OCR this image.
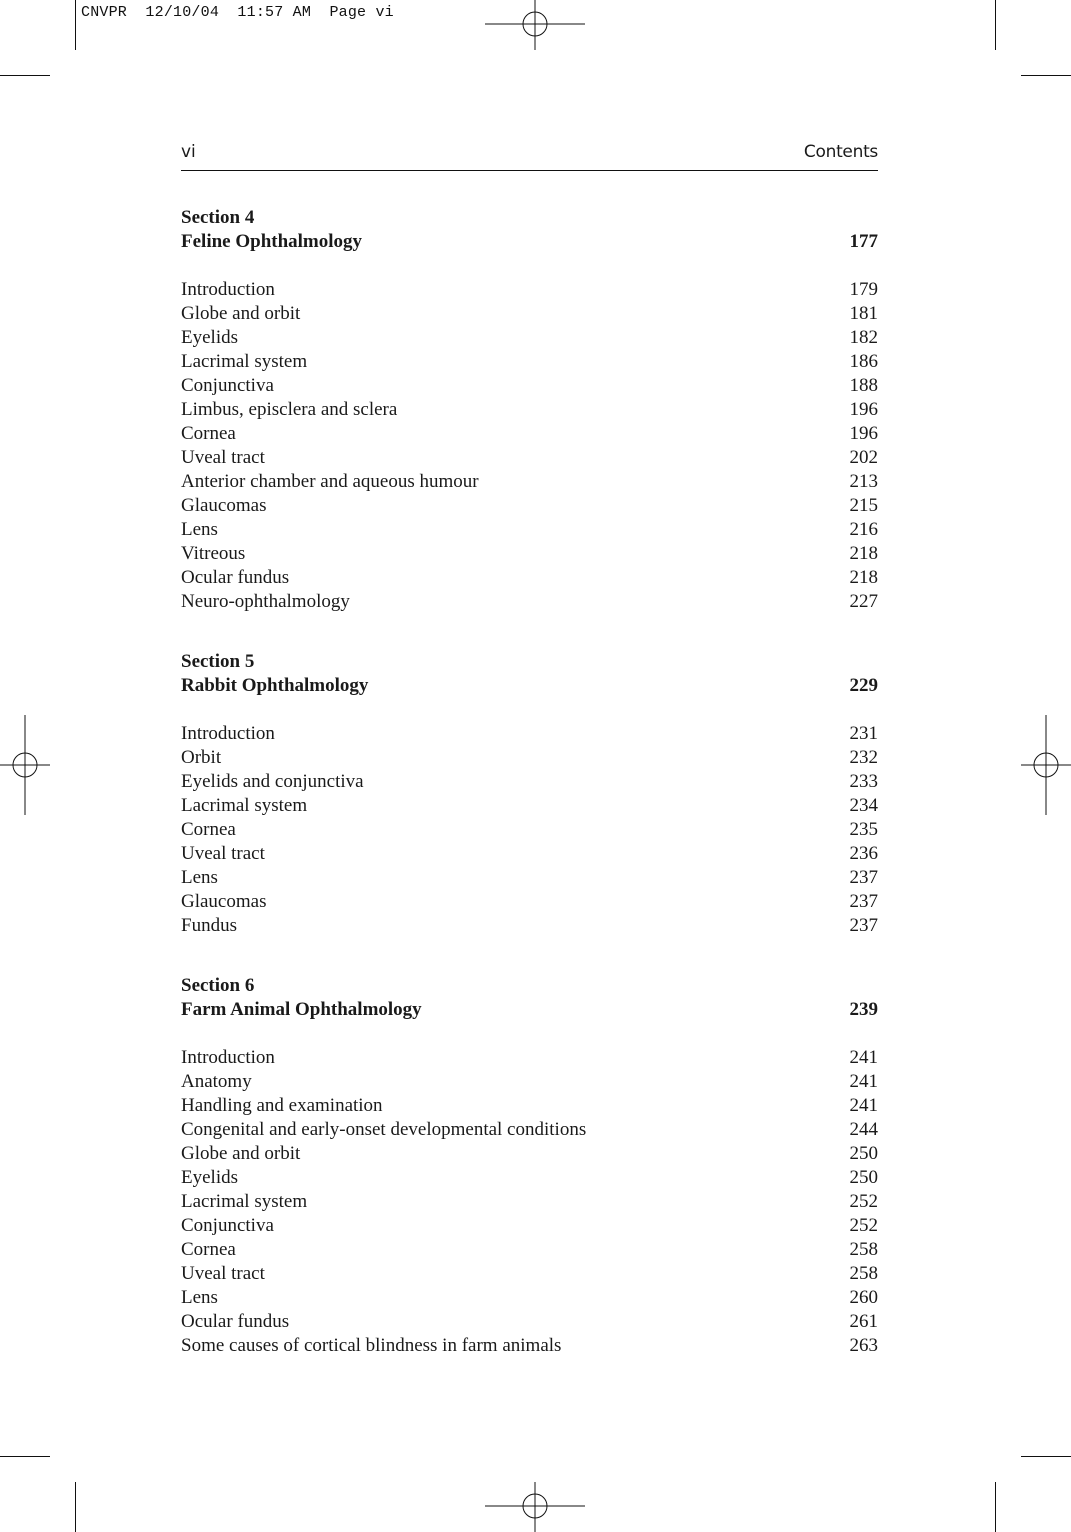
CNVPR  12/10/04  11:57 AM  Page vi
vi	Contents
Section 4
Feline Ophthalmology	177
Introduction	179
Globe and orbit	181
Eyelids	182
Lacrimal system	186
Conjunctiva	188
Limbus, episclera and sclera	196
Cornea	196
Uveal tract	202
Anterior chamber and aqueous humour	213
Glaucomas	215
Lens	216
Vitreous	218
Ocular fundus	218
Neuro-ophthalmology	227
Section 5
Rabbit Ophthalmology	229
Introduction	231
Orbit	232
Eyelids and conjunctiva	233
Lacrimal system	234
Cornea	235
Uveal tract	236
Lens	237
Glaucomas	237
Fundus	237
Section 6
Farm Animal Ophthalmology	239
Introduction	241
Anatomy	241
Handling and examination	241
Congenital and early-onset developmental conditions	244
Globe and orbit	250
Eyelids	250
Lacrimal system	252
Conjunctiva	252
Cornea	258
Uveal tract	258
Lens	260
Ocular fundus	261
Some causes of cortical blindness in farm animals	263
